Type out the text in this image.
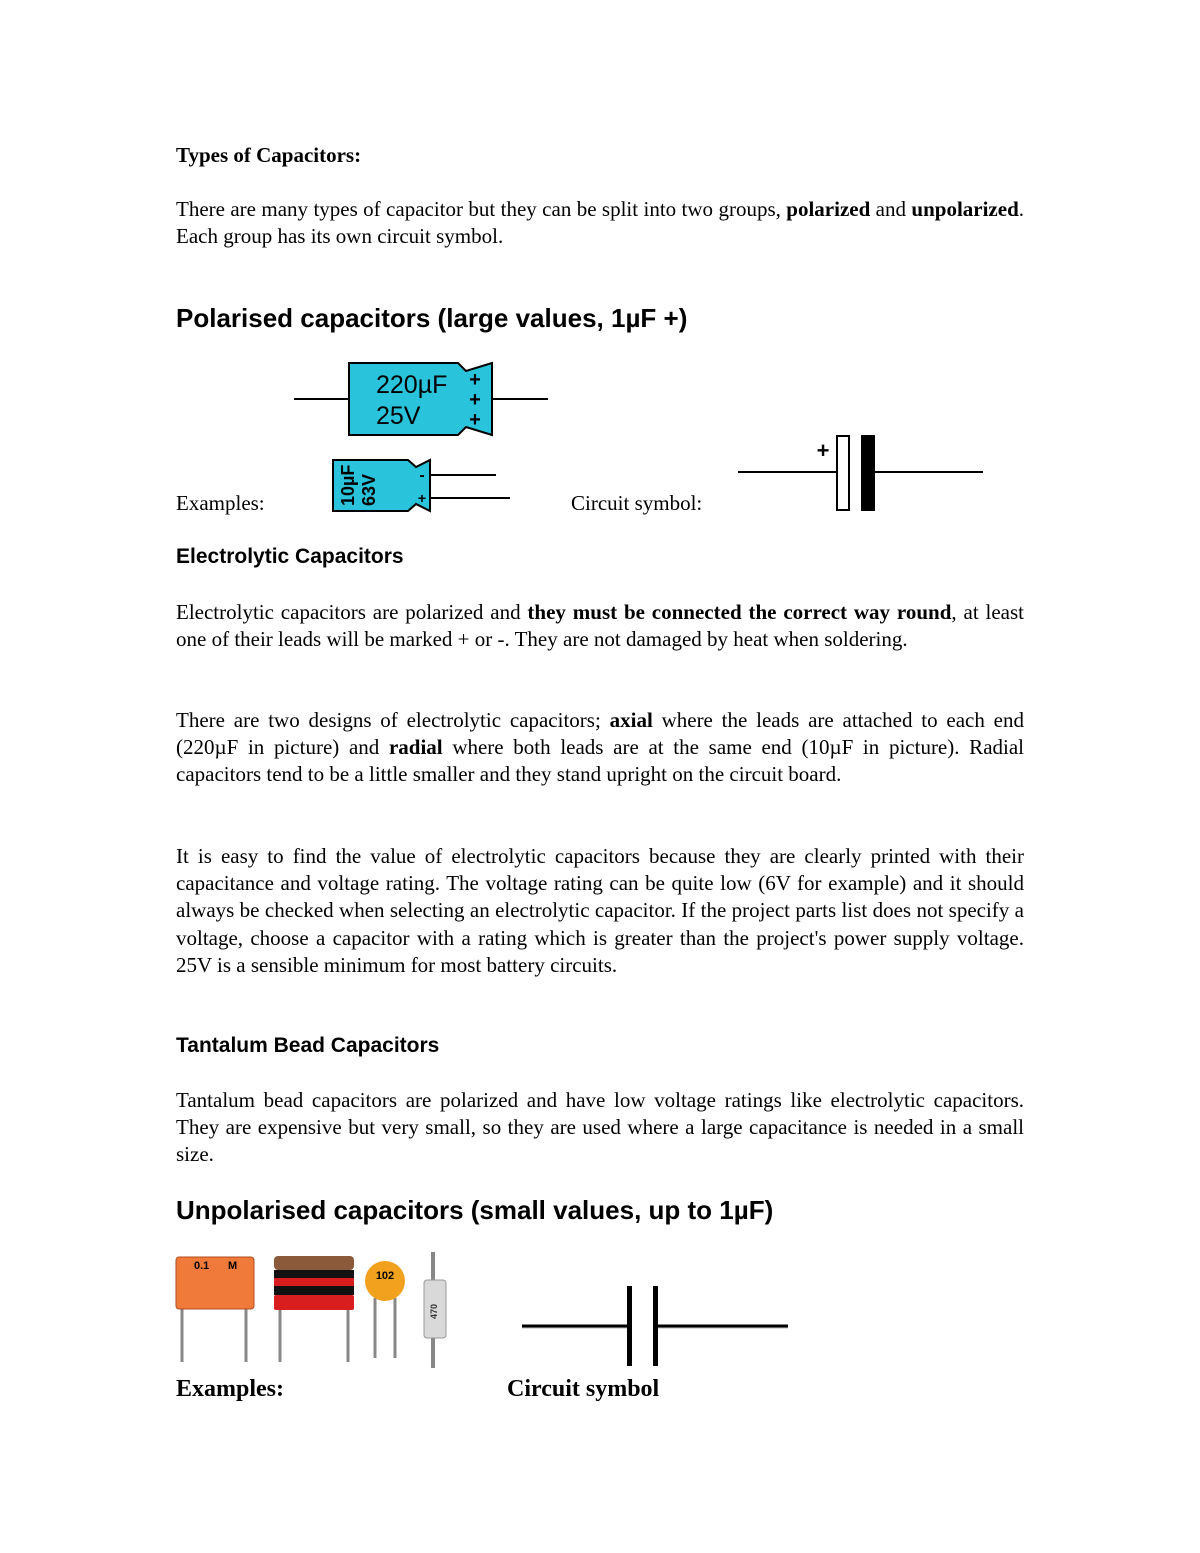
Types of Capacitors:

There are many types of capacitor but they can be split into two groups, polarized and unpolarized. Each group has its own circuit symbol.

Polarised capacitors (large values, 1µF +)
220µF
25V
+
+
+
Examples:	10µF 63V	-
+	Circuit symbol:
+
Electrolytic Capacitors

Electrolytic capacitors are polarized and they must be connected the correct way round, at least one of their leads will be marked + or -. They are not damaged by heat when soldering.

There are two designs of electrolytic capacitors; axial where the leads are attached to each end (220µF in picture) and radial where both leads are at the same end (10µF in picture). Radial capacitors tend to be a little smaller and they stand upright on the circuit board.

It is easy to find the value of electrolytic capacitors because they are clearly printed with their capacitance and voltage rating. The voltage rating can be quite low (6V for example) and it should always be checked when selecting an electrolytic capacitor. If the project parts list does not specify a voltage, choose a capacitor with a rating which is greater than the project's power supply voltage. 25V is a sensible minimum for most battery circuits.

Tantalum Bead Capacitors

Tantalum bead capacitors are polarized and have low voltage ratings like electrolytic capacitors. They are expensive but very small, so they are used where a large capacitance is needed in a small size.

Unpolarised capacitors (small values, up to 1µF)
0.1 M
102
470
Examples:	Circuit symbol
